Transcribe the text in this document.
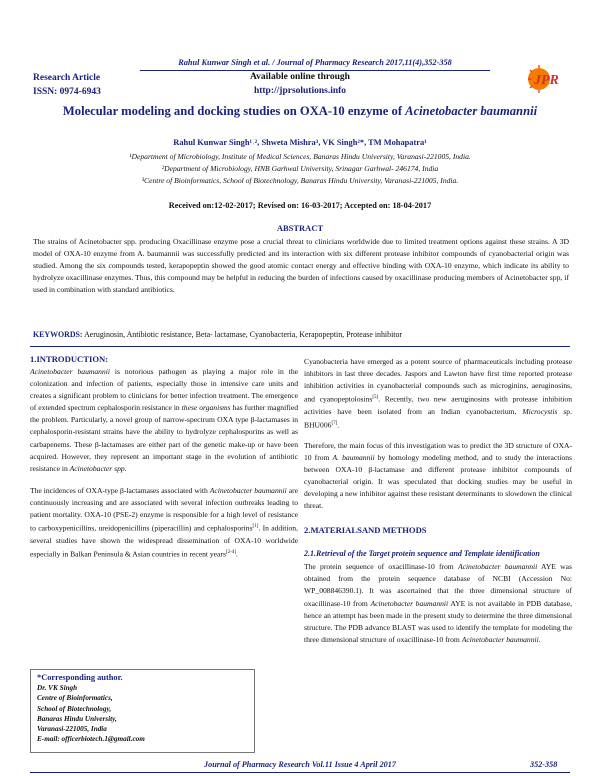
Rahul Kunwar Singh et al. / Journal of Pharmacy Research 2017,11(4),352-358
Research Article
ISSN: 0974-6943
Available online through
http://jprsolutions.info
JPR
Molecular modeling and docking studies on OXA-10 enzyme of Acinetobacter baumannii
Rahul Kunwar Singh¹˒², Shweta Mishra³, VK Singh²*, TM Mohapatra¹
¹Department of Microbiology, Institute of Medical Sciences, Banaras Hindu University, Varanasi-221005, India.
²Department of Microbiology, HNB Garhwal University, Srinagar Garhwal- 246174, India
³Centre of Bioinformatics, School of Biotechnology, Banaras Hindu University, Varanasi-221005, India.
Received on:12-02-2017; Revised on: 16-03-2017; Accepted on: 18-04-2017
ABSTRACT
The strains of Acinetobacter spp. producing Oxacillinase enzyme pose a crucial threat to clinicians worldwide due to limited treatment options against these strains. A 3D model of OXA-10 enzyme from A. baumannii was successfully predicted and its interaction with six different protease inhibitor compounds of cyanobacterial origin was studied. Among the six compounds tested, kerapopeptin showed the good atomic contact energy and effective binding with OXA-10 enzyme, which indicate its ability to hydrolyze oxacillinase enzymes. Thus, this compound may be helpful in reducing the burden of infections caused by oxacillinase producing members of Acinetobacter spp, if used in combination with standard antibiotics.
KEYWORDS: Aeruginosin, Antibiotic resistance, Beta- lactamase, Cyanobacteria, Kerapopeptin, Protease inhibitor
1.INTRODUCTION:

Acinetobacter baumannii is notorious pathogen as playing a major role in the colonization and infection of patients, especially those in intensive care units and creates a significant problem to clinicians for better infection treatment. The emergence of extended spectrum cephalosporin resistance in these organisms has further magnified the problem. Particularly, a novel group of narrow-spectrum OXA type β-lactamases in cephalosporin-resistant strains have the ability to hydrolyze cephalosporins as well as carbapenems. These β-lactamases are either part of the genetic make-up or have been acquired. However, they represent an important stage in the evolution of antibiotic resistance in Acinetobacter spp.

The incidences of OXA-type β-lactamases associated with Acinetobacter baumannii are continuously increasing and are associated with several infection outbreaks leading to patient mortality. OXA-10 (PSE-2) enzyme is responsible for a high level of resistance to carboxypenicillins, ureidopenicillins (piperacillin) and cephalosporins[1]. In addition, several studies have shown the widespread dissemination of OXA-10 worldwide especially in Balkan Peninsula & Asian countries in recent years[2-4].

Cyanobacteria have emerged as a potent source of pharmaceuticals including protease inhibitors in last three decades. Jaspors and Lawton have first time reported protease inhibition activities in cyanobacterial compounds such as microginins, aeruginosins, and cyanopeptolosins[5]. Recently, two new aeruginosins with protease inhibition activities have been isolated from an Indian cyanobacterium, Microcystis sp. BHU006[7].

Therefore, the main focus of this investigation was to predict the 3D structure of OXA-10 from A. baumannii by homology modeling method, and to study the interactions between OXA-10 β-lactamase and different protease inhibitor compounds of cyanobacterial origin. It was speculated that docking studies may be useful in developing a new inhibitor against these resistant determinants to slowdown the clinical threat.

2.MATERIALSAND METHODS
2.1.Retrieval of the Target protein sequence and Template identification

The protein sequence of oxacillinase-10 from Acinetobacter baumannii AYE was obtained from the protein sequence database of NCBI (Accession No: WP_008846390.1). It was ascertained that the three dimensional structure of oxacillinase-10 from Acinetobacter baumannii AYE is not available in PDB database, hence an attempt has been made in the present study to determine the three dimensional structure. The PDB advance BLAST was used to identify the template for modeling the three dimensional structure of oxacillinase-10 from Acinetobacter baumannii.

*Corresponding author.
Dr. VK Singh
Centre of Bioinformatics,
School of Biotechnology,
Banaras Hindu University,
Varanasi-221005, India
E-mail: officerbiotech.1@gmail.com
Journal of Pharmacy Research Vol.11 Issue 4 April 2017	352-358
